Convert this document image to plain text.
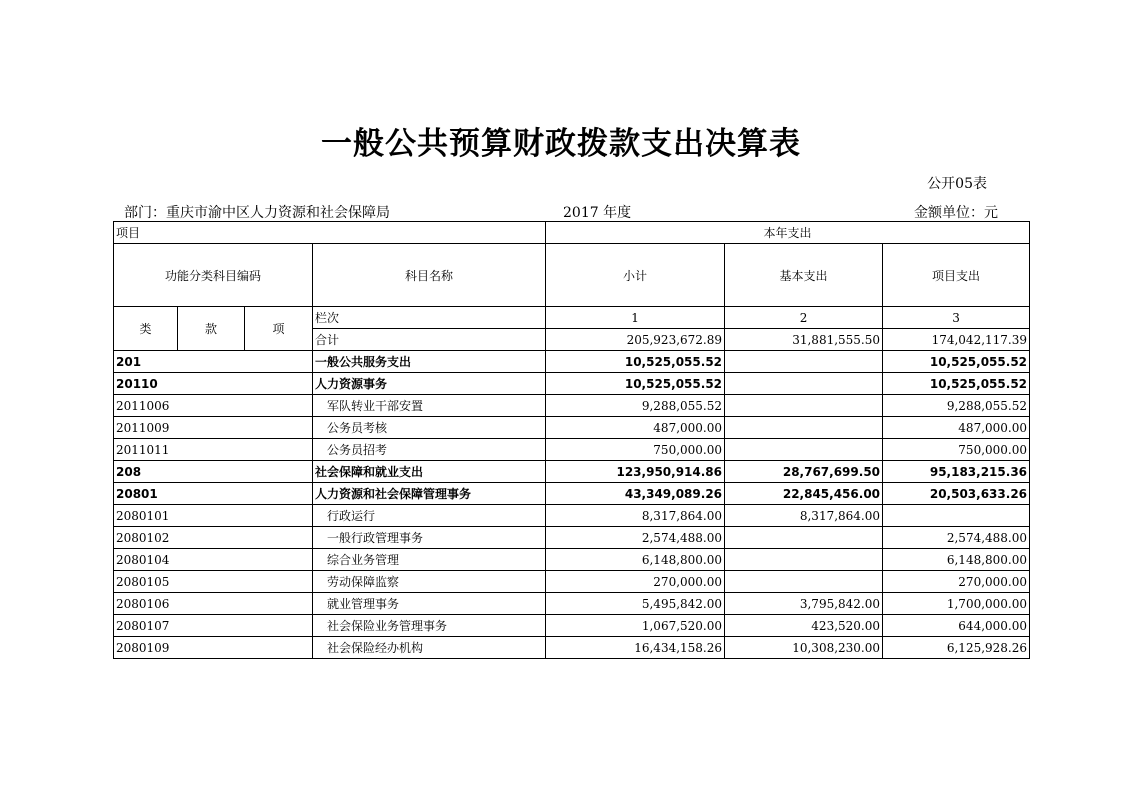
一般公共预算财政拨款支出决算表
公开05表
部门：重庆市渝中区人力资源和社会保障局	2017 年度	金额单位：元
项目				本年支出		
功能分类科目编码			科目名称	小计	基本支出	项目支出
类	款	项	栏次	1	2	3
			合计	205,923,672.89	31,881,555.50	174,042,117.39
201			一般公共服务支出	10,525,055.52		10,525,055.52
20110			人力资源事务	10,525,055.52		10,525,055.52
2011006			军队转业干部安置	9,288,055.52		9,288,055.52
2011009			公务员考核	487,000.00		487,000.00
2011011			公务员招考	750,000.00		750,000.00
208			社会保障和就业支出	123,950,914.86	28,767,699.50	95,183,215.36
20801			人力资源和社会保障管理事务	43,349,089.26	22,845,456.00	20,503,633.26
2080101			行政运行	8,317,864.00	8,317,864.00	
2080102			一般行政管理事务	2,574,488.00		2,574,488.00
2080104			综合业务管理	6,148,800.00		6,148,800.00
2080105			劳动保障监察	270,000.00		270,000.00
2080106			就业管理事务	5,495,842.00	3,795,842.00	1,700,000.00
2080107			社会保险业务管理事务	1,067,520.00	423,520.00	644,000.00
2080109			社会保险经办机构	16,434,158.26	10,308,230.00	6,125,928.26
